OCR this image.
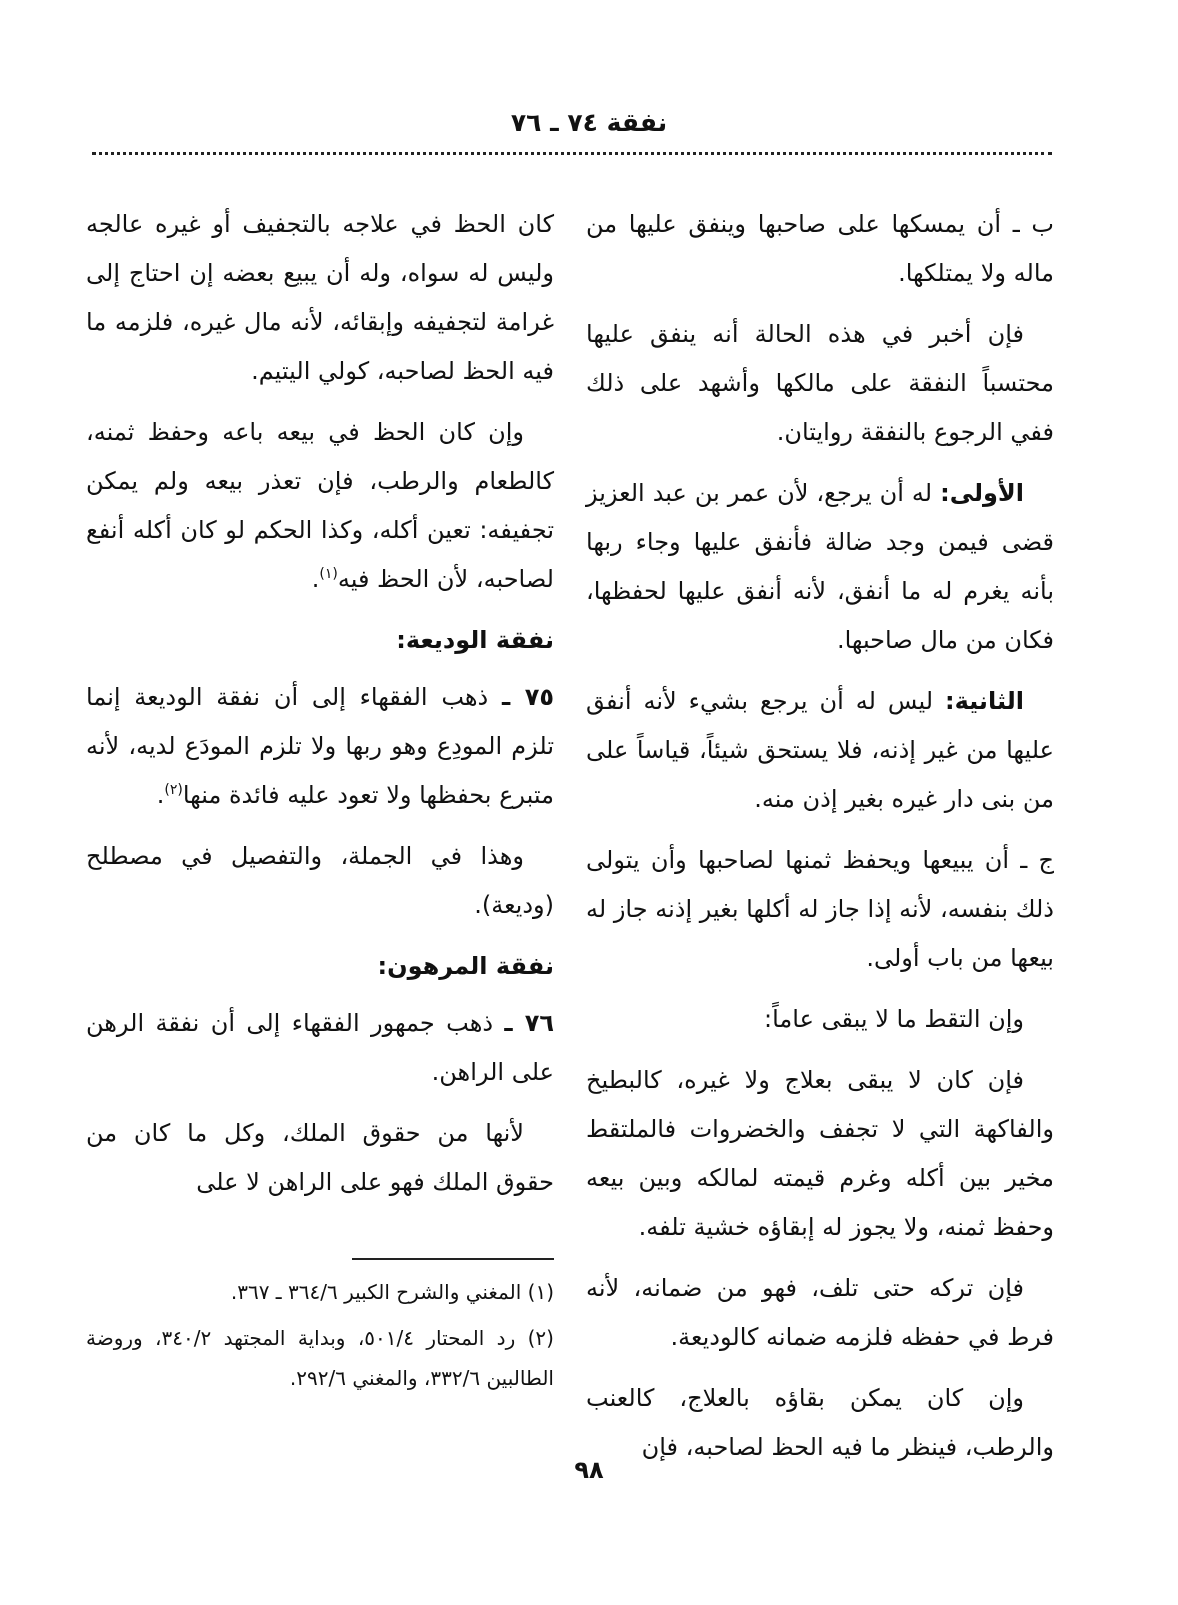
نفقة ٧٤ ـ ٧٦

ب ـ أن يمسكها على صاحبها وينفق عليها من ماله ولا يمتلكها.

فإن أخبر في هذه الحالة أنه ينفق عليها محتسباً النفقة على مالكها وأشهد على ذلك ففي الرجوع بالنفقة روايتان.

الأولى: له أن يرجع، لأن عمر بن عبد العزيز قضى فيمن وجد ضالة فأنفق عليها وجاء ربها بأنه يغرم له ما أنفق، لأنه أنفق عليها لحفظها، فكان من مال صاحبها.

الثانية: ليس له أن يرجع بشيء لأنه أنفق عليها من غير إذنه، فلا يستحق شيئاً، قياساً على من بنى دار غيره بغير إذن منه.

ج ـ أن يبيعها ويحفظ ثمنها لصاحبها وأن يتولى ذلك بنفسه، لأنه إذا جاز له أكلها بغير إذنه جاز له بيعها من باب أولى.

وإن التقط ما لا يبقى عاماً:

فإن كان لا يبقى بعلاج ولا غيره، كالبطيخ والفاكهة التي لا تجفف والخضروات فالملتقط مخير بين أكله وغرم قيمته لمالكه وبين بيعه وحفظ ثمنه، ولا يجوز له إبقاؤه خشية تلفه.

فإن تركه حتى تلف، فهو من ضمانه، لأنه فرط في حفظه فلزمه ضمانه كالوديعة.

وإن كان يمكن بقاؤه بالعلاج، كالعنب والرطب، فينظر ما فيه الحظ لصاحبه، فإن

كان الحظ في علاجه بالتجفيف أو غيره عالجه وليس له سواه، وله أن يبيع بعضه إن احتاج إلى غرامة لتجفيفه وإبقائه، لأنه مال غيره، فلزمه ما فيه الحظ لصاحبه، كولي اليتيم.

وإن كان الحظ في بيعه باعه وحفظ ثمنه، كالطعام والرطب، فإن تعذر بيعه ولم يمكن تجفيفه: تعين أكله، وكذا الحكم لو كان أكله أنفع لصاحبه، لأن الحظ فيه$^{(١)}$.

نفقة الوديعة:

٧٥ ـ ذهب الفقهاء إلى أن نفقة الوديعة إنما تلزم المودِع وهو ربها ولا تلزم المودَع لديه، لأنه متبرع بحفظها ولا تعود عليه فائدة منها$^{(٢)}$.

وهذا في الجملة، والتفصيل في مصطلح (وديعة).

نفقة المرهون:

٧٦ ـ ذهب جمهور الفقهاء إلى أن نفقة الرهن على الراهن.

لأنها من حقوق الملك، وكل ما كان من حقوق الملك فهو على الراهن لا على

(١) المغني والشرح الكبير ٣٦٤/٦ ـ ٣٦٧.

(٢) رد المحتار ٥٠١/٤، وبداية المجتهد ٣٤٠/٢، وروضة الطالبين ٣٣٢/٦، والمغني ٢٩٢/٦.

٩٨
